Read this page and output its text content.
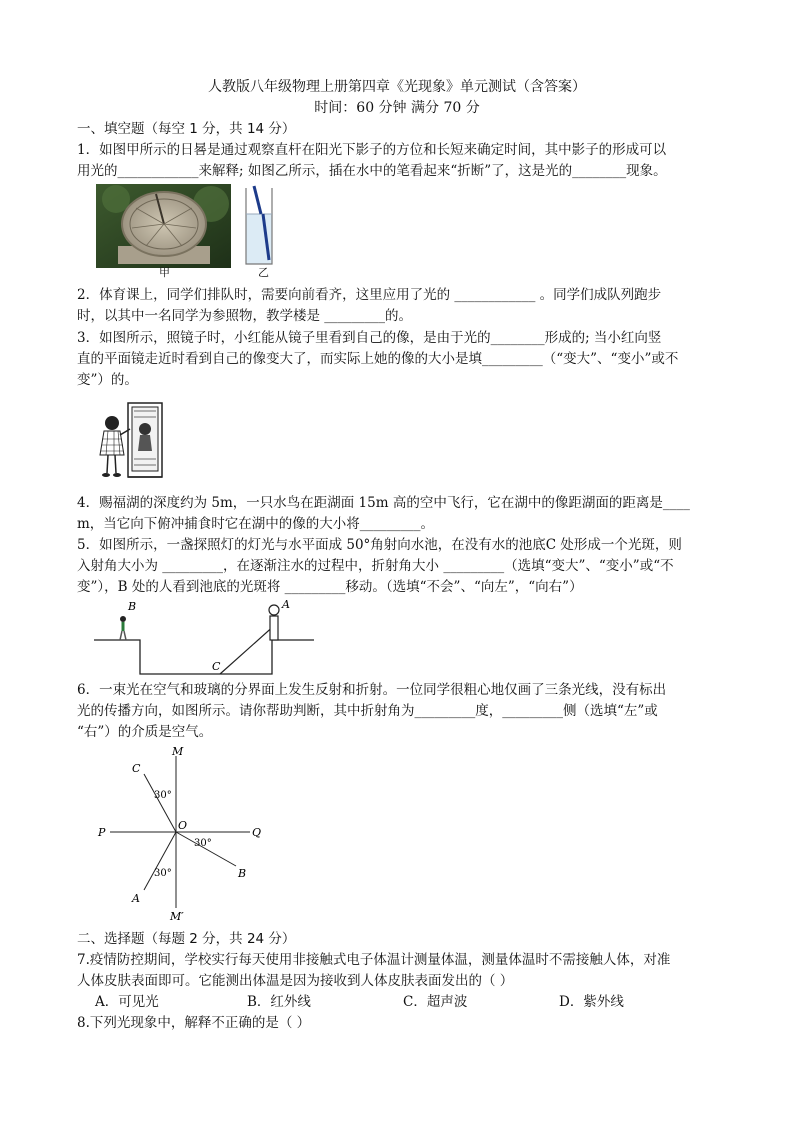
人教版八年级物理上册第四章《光现象》单元测试（含答案）
时间：60 分钟 满分 70 分
一、填空题（每空 1 分，共 14 分）
1．如图甲所示的日晷是通过观察直杆在阳光下影子的方位和长短来确定时间，其中影子的形成可以
用光的____________来解释; 如图乙所示，插在水中的笔看起来“折断”了，这是光的________现象。
甲	乙
2．体育课上，同学们排队时，需要向前看齐，这里应用了光的 ____________ 。同学们成队列跑步
时，以其中一名同学为参照物，教学楼是 _________的。
3．如图所示，照镜子时，小红能从镜子里看到自己的像，是由于光的________形成的; 当小红向竖
直的平面镜走近时看到自己的像变大了，而实际上她的像的大小是填_________（“变大”、“变小”或不
变”）的。
4．赐福湖的深度约为 5m，一只水鸟在距湖面 15m 高的空中飞行，它在湖中的像距湖面的距离是____
m，当它向下俯冲捕食时它在湖中的像的大小将_________。
5．如图所示，一盏探照灯的灯光与水平面成 50°角射向水池，在没有水的池底C 处形成一个光斑，则
入射角大小为 _________，在逐渐注水的过程中，折射角大小 _________（选填“变大”、“变小”或“不
变”），B 处的人看到池底的光斑将 _________移动。（选填“不会”、“向左”，“向右”）
B	A
C
6．一束光在空气和玻璃的分界面上发生反射和折射。一位同学很粗心地仅画了三条光线，没有标出
光的传播方向，如图所示。请你帮助判断，其中折射角为_________度，_________侧（选填“左”或
“右”）的介质是空气。
M
M′
P	Q
O
C
A
B
30°
30°
30°
二、选择题（每题 2 分，共 24 分）
7.疫情防控期间，学校实行每天使用非接触式电子体温计测量体温，测量体温时不需接触人体，对准
人体皮肤表面即可。它能测出体温是因为接收到人体皮肤表面发出的（ ）
A．可见光	B．红外线	C．超声波	D．紫外线
8.下列光现象中，解释不正确的是（ ）
